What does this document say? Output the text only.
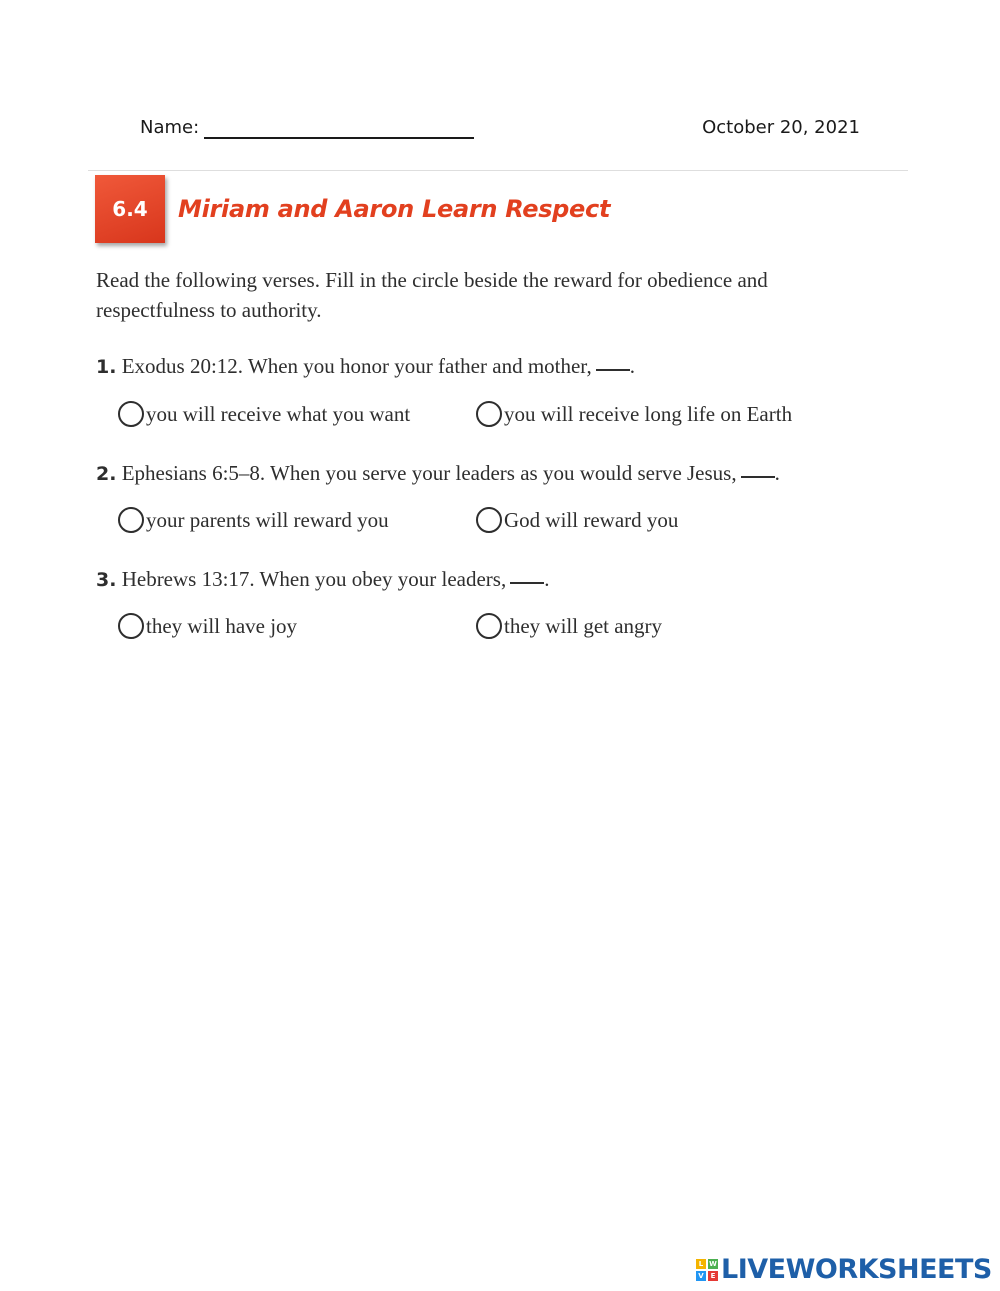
Name:	October 20, 2021
6.4 Miriam and Aaron Learn Respect
Read the following verses. Fill in the circle beside the reward for obedience and respectfulness to authority.
1. Exodus 20:12. When you honor your father and mother, .
you will receive what you want	you will receive long life on Earth
2. Ephesians 6:5–8. When you serve your leaders as you would serve Jesus, .
your parents will reward you	God will reward you
3. Hebrews 13:17. When you obey your leaders, .
they will have joy	they will get angry
L W
V E LIVEWORKSHEETS
